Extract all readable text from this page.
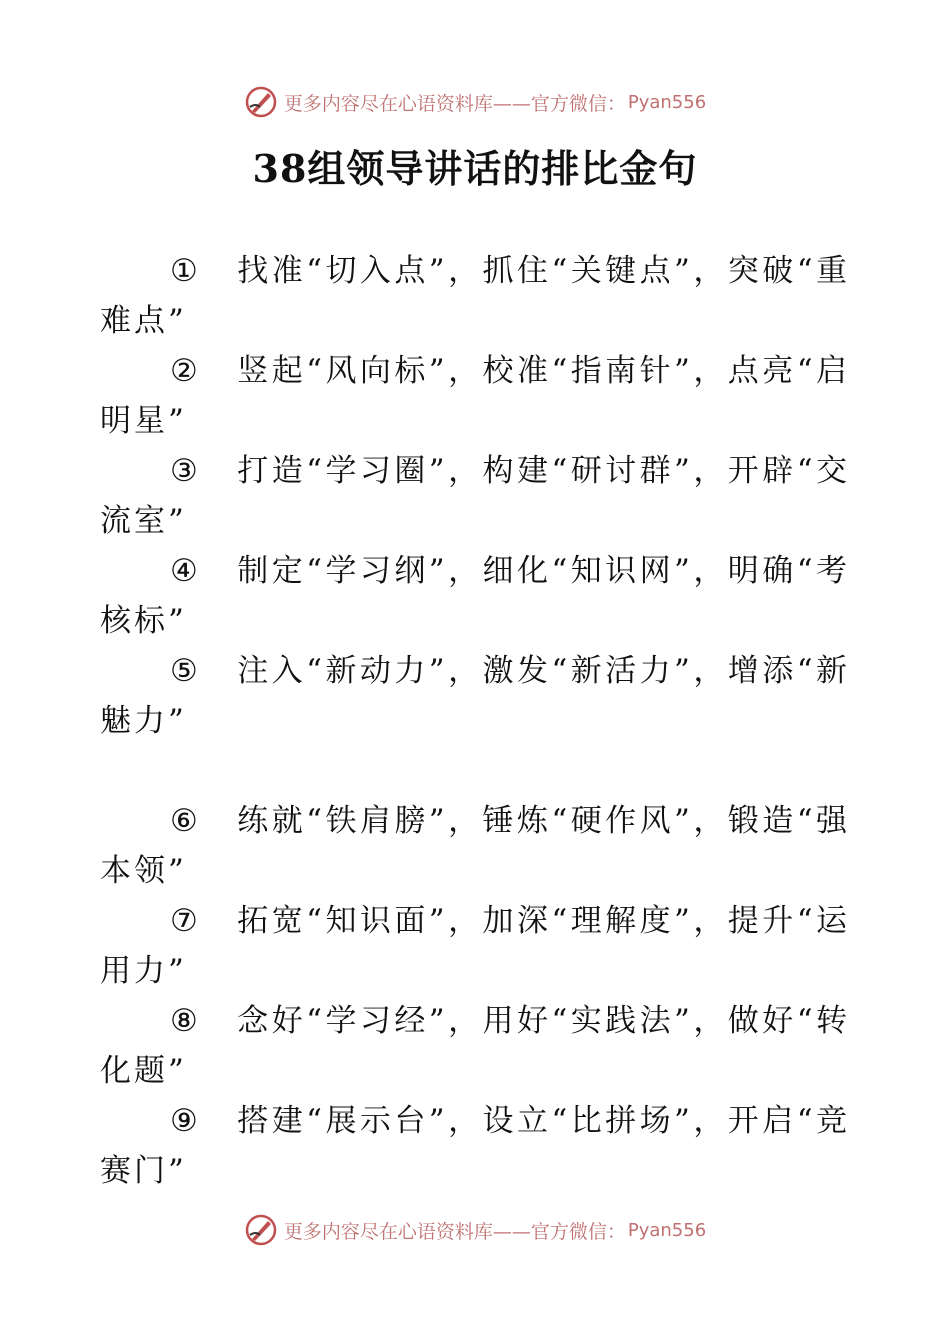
更多内容尽在心语资料库——官方微信： Pyan556
38组领导讲话的排比金句
① 找准“切入点”，抓住“关键点”，突破“重难点”
② 竖起“风向标”，校准“指南针”，点亮“启明星”
③ 打造“学习圈”，构建“研讨群”，开辟“交流室”
④ 制定“学习纲”，细化“知识网”，明确“考核标”
⑤ 注入“新动力”，激发“新活力”，增添“新魅力”
⑥ 练就“铁肩膀”，锤炼“硬作风”，锻造“强本领”
⑦ 拓宽“知识面”，加深“理解度”，提升“运用力”
⑧ 念好“学习经”，用好“实践法”，做好“转化题”
⑨ 搭建“展示台”，设立“比拼场”，开启“竞赛门”
更多内容尽在心语资料库——官方微信： Pyan556
